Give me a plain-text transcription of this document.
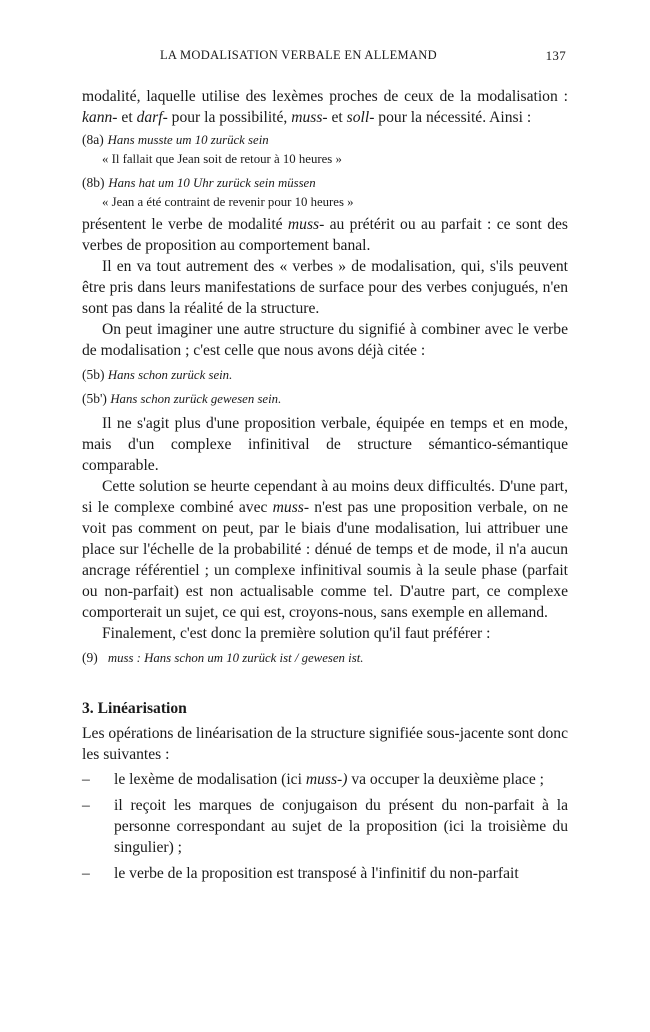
LA MODALISATION VERBALE EN ALLEMAND	137

modalité, laquelle utilise des lexèmes proches de ceux de la modalisation : kann- et darf- pour la possibilité, muss- et soll- pour la nécessité. Ainsi :

(8a) Hans musste um 10 zurück sein
« Il fallait que Jean soit de retour à 10 heures »
(8b) Hans hat um 10 Uhr zurück sein müssen
« Jean a été contraint de revenir pour 10 heures »

présentent le verbe de modalité muss- au prétérit ou au parfait : ce sont des verbes de proposition au comportement banal.

Il en va tout autrement des « verbes » de modalisation, qui, s'ils peuvent être pris dans leurs manifestations de surface pour des verbes conjugués, n'en sont pas dans la réalité de la structure.

On peut imaginer une autre structure du signifié à combiner avec le verbe de modalisation ; c'est celle que nous avons déjà citée :

(5b) Hans schon zurück sein.
(5b') Hans schon zurück gewesen sein.

Il ne s'agit plus d'une proposition verbale, équipée en temps et en mode, mais d'un complexe infinitival de structure sémantico-sémantique comparable.

Cette solution se heurte cependant à au moins deux difficultés. D'une part, si le complexe combiné avec muss- n'est pas une proposition verbale, on ne voit pas comment on peut, par le biais d'une modalisation, lui attribuer une place sur l'échelle de la probabilité : dénué de temps et de mode, il n'a aucun ancrage référentiel ; un complexe infinitival soumis à la seule phase (parfait ou non-parfait) est non actualisable comme tel. D'autre part, ce complexe comporterait un sujet, ce qui est, croyons-nous, sans exemple en allemand.

Finalement, c'est donc la première solution qu'il faut préférer :

(9) muss : Hans schon um 10 zurück ist / gewesen ist.
3. Linéarisation

Les opérations de linéarisation de la structure signifiée sous-jacente sont donc les suivantes :

– le lexème de modalisation (ici muss-) va occuper la deuxième place ;
– il reçoit les marques de conjugaison du présent du non-parfait à la personne correspondant au sujet de la proposition (ici la troisième du singulier) ;
– le verbe de la proposition est transposé à l'infinitif du non-parfait
